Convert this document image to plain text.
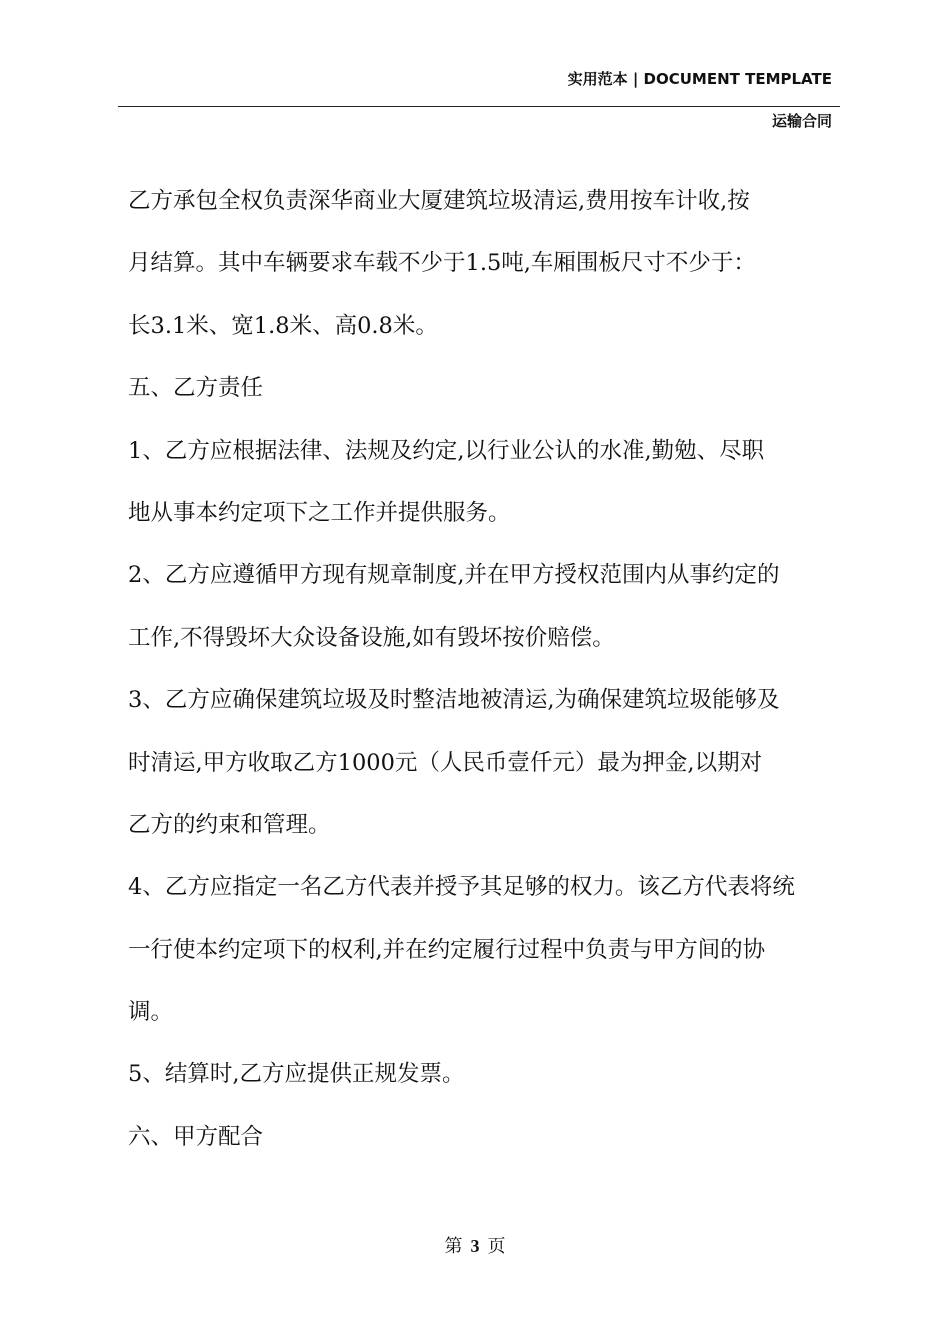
实用范本 | DOCUMENT TEMPLATE
运输合同
乙方承包全权负责深华商业大厦建筑垃圾清运,费用按车计收,按
月结算。其中车辆要求车载不少于1.5吨,车厢围板尺寸不少于：
长3.1米、宽1.8米、高0.8米。
五、乙方责任
1、乙方应根据法律、法规及约定,以行业公认的水准,勤勉、尽职
地从事本约定项下之工作并提供服务。
2、乙方应遵循甲方现有规章制度,并在甲方授权范围内从事约定的
工作,不得毁坏大众设备设施,如有毁坏按价赔偿。
3、乙方应确保建筑垃圾及时整洁地被清运,为确保建筑垃圾能够及
时清运,甲方收取乙方1000元（人民币壹仟元）最为押金,以期对
乙方的约束和管理。
4、乙方应指定一名乙方代表并授予其足够的权力。该乙方代表将统
一行使本约定项下的权利,并在约定履行过程中负责与甲方间的协
调。
5、结算时,乙方应提供正规发票。
六、甲方配合
第 3 页
